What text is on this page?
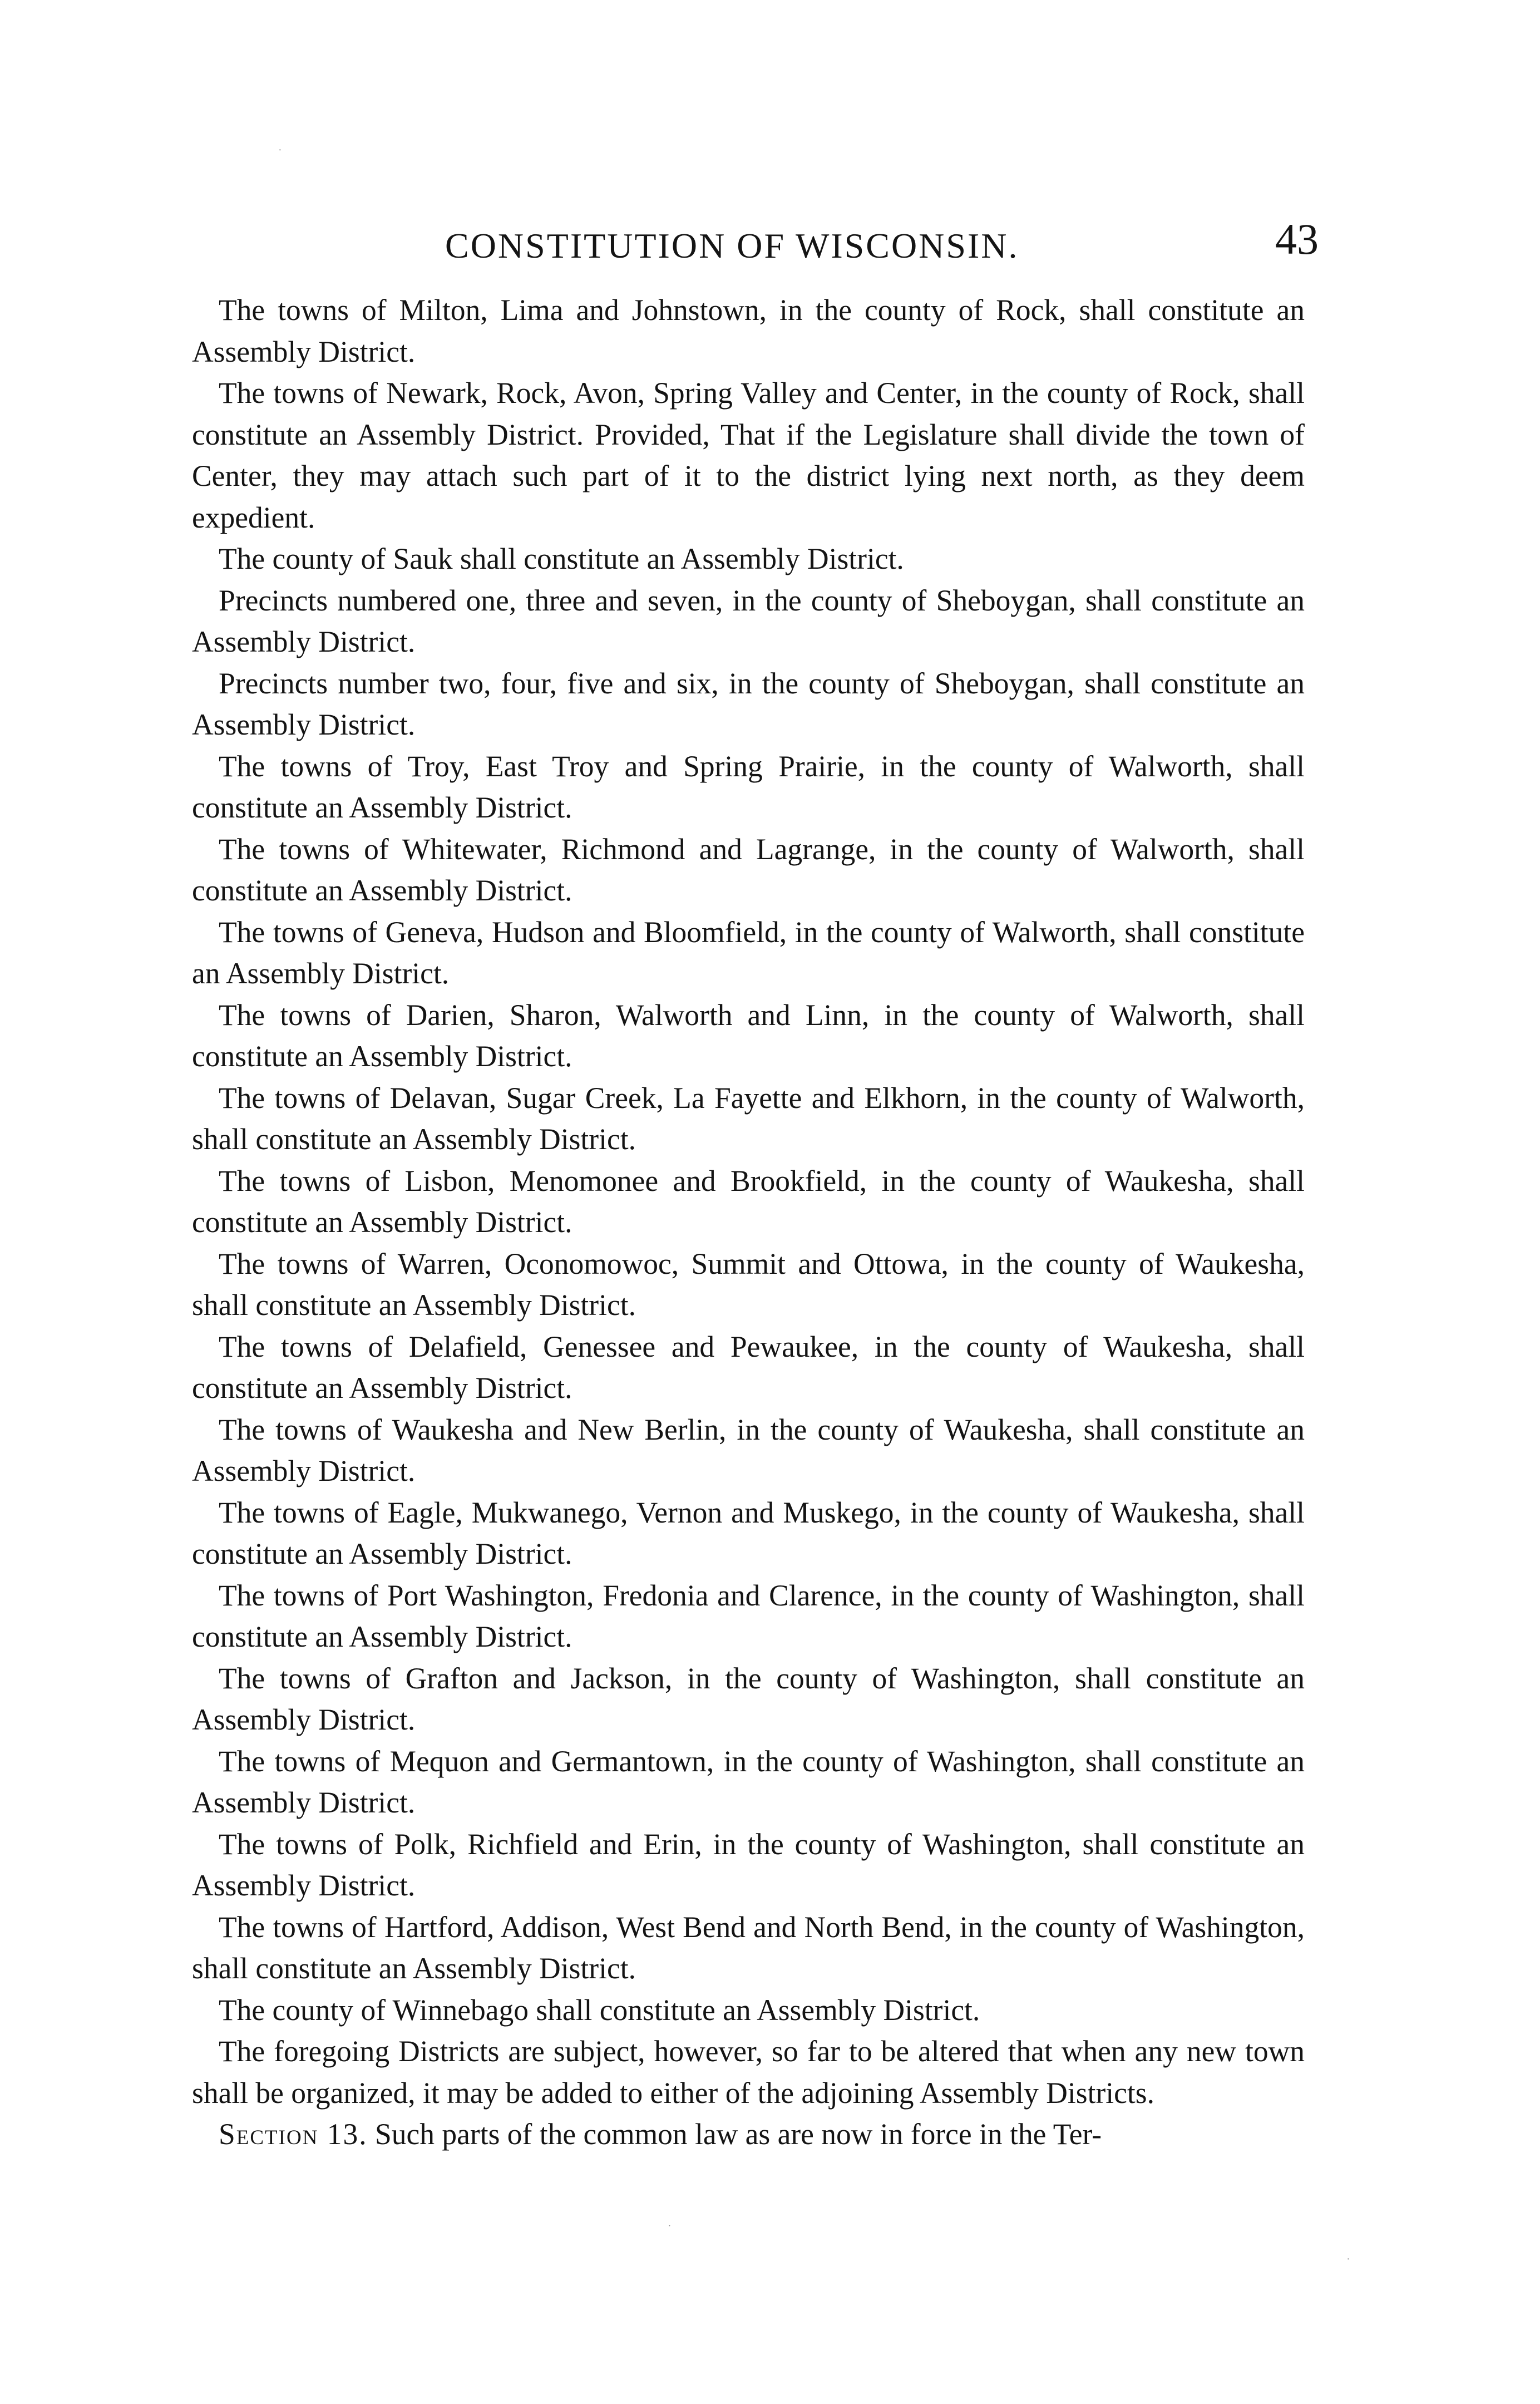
CONSTITUTION OF WISCONSIN.	43

The towns of Milton, Lima and Johnstown, in the county of Rock, shall constitute an Assembly District.

The towns of Newark, Rock, Avon, Spring Valley and Center, in the county of Rock, shall constitute an Assembly District. Provided, That if the Legislature shall divide the town of Center, they may attach such part of it to the district lying next north, as they deem expedient.

The county of Sauk shall constitute an Assembly District.

Precincts numbered one, three and seven, in the county of Sheboygan, shall constitute an Assembly District.

Precincts number two, four, five and six, in the county of Sheboygan, shall constitute an Assembly District.

The towns of Troy, East Troy and Spring Prairie, in the county of Walworth, shall constitute an Assembly District.

The towns of Whitewater, Richmond and Lagrange, in the county of Walworth, shall constitute an Assembly District.

The towns of Geneva, Hudson and Bloomfield, in the county of Walworth, shall constitute an Assembly District.

The towns of Darien, Sharon, Walworth and Linn, in the county of Walworth, shall constitute an Assembly District.

The towns of Delavan, Sugar Creek, La Fayette and Elkhorn, in the county of Walworth, shall constitute an Assembly District.

The towns of Lisbon, Menomonee and Brookfield, in the county of Waukesha, shall constitute an Assembly District.

The towns of Warren, Oconomowoc, Summit and Ottowa, in the county of Waukesha, shall constitute an Assembly District.

The towns of Delafield, Genessee and Pewaukee, in the county of Waukesha, shall constitute an Assembly District.

The towns of Waukesha and New Berlin, in the county of Waukesha, shall constitute an Assembly District.

The towns of Eagle, Mukwanego, Vernon and Muskego, in the county of Waukesha, shall constitute an Assembly District.

The towns of Port Washington, Fredonia and Clarence, in the county of Washington, shall constitute an Assembly District.

The towns of Grafton and Jackson, in the county of Washington, shall constitute an Assembly District.

The towns of Mequon and Germantown, in the county of Washington, shall constitute an Assembly District.

The towns of Polk, Richfield and Erin, in the county of Washington, shall constitute an Assembly District.

The towns of Hartford, Addison, West Bend and North Bend, in the county of Washington, shall constitute an Assembly District.

The county of Winnebago shall constitute an Assembly District.

The foregoing Districts are subject, however, so far to be altered that when any new town shall be organized, it may be added to either of the adjoining Assembly Districts.

Section 13. Such parts of the common law as are now in force in the Ter-

·
·
·
